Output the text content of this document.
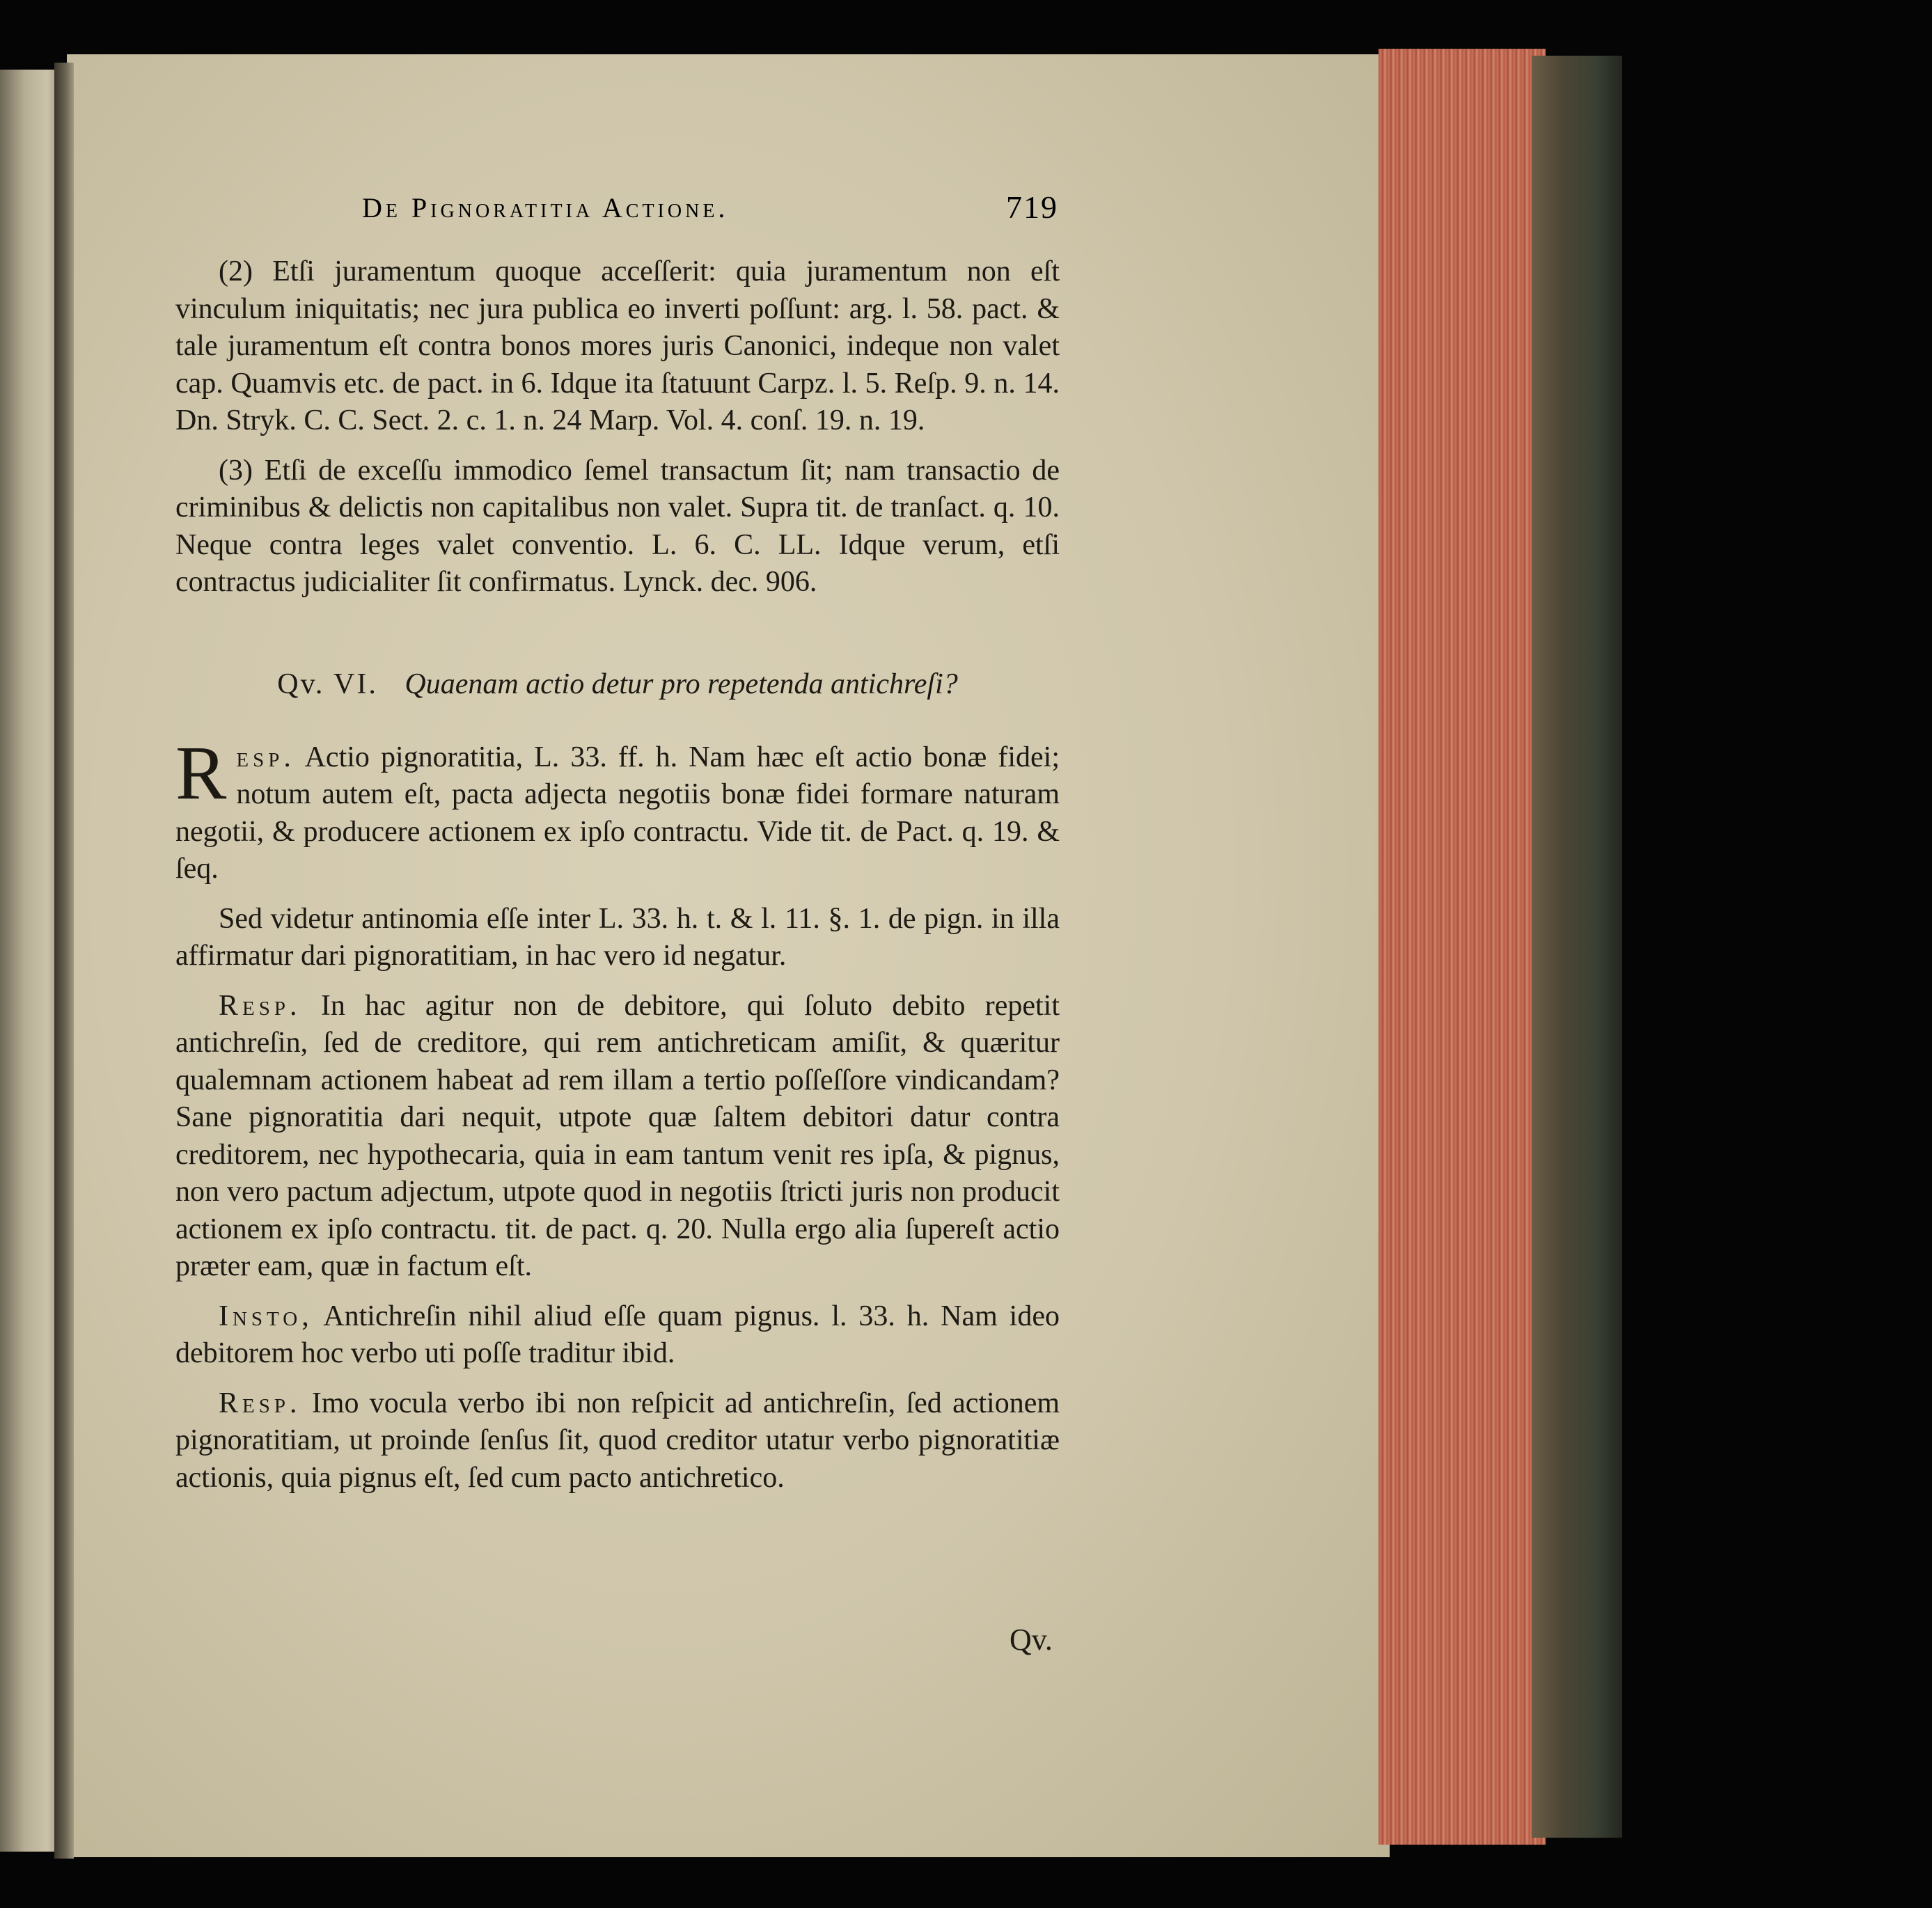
De Pignoratitia Actione.	719

(2) Etſi juramentum quoque acceſſerit: quia juramentum non eſt vinculum iniquitatis; nec jura publica eo inverti poſſunt: arg. l. 58. pact. & tale juramentum eſt contra bonos mores juris Canonici, indeque non valet cap. Quamvis etc. de pact. in 6. Idque ita ſtatuunt Carpz. l. 5. Reſp. 9. n. 14. Dn. Stryk. C. C. Sect. 2. c. 1. n. 24 Marp. Vol. 4. conſ. 19. n. 19.

(3) Etſi de exceſſu immodico ſemel transactum ſit; nam transactio de criminibus & delictis non capitalibus non valet. Supra tit. de tranſact. q. 10. Neque contra leges valet conventio. L. 6. C. LL. Idque verum, etſi contractus judicialiter ſit confirmatus. Lynck. dec. 906.

Qv. VI. Quaenam actio detur pro repetenda antichreſi?

R esp. Actio pignoratitia, L. 33. ff. h. Nam hæc eſt actio bonæ fidei; notum autem eſt, pacta adjecta negotiis bonæ fidei formare naturam negotii, & producere actionem ex ipſo contractu. Vide tit. de Pact. q. 19. & ſeq.

Sed videtur antinomia eſſe inter L. 33. h. t. & l. 11. §. 1. de pign. in illa affirmatur dari pignoratitiam, in hac vero id negatur.

Resp. In hac agitur non de debitore, qui ſoluto debito repetit antichreſin, ſed de creditore, qui rem antichreticam amiſit, & quæritur qualemnam actionem habeat ad rem illam a tertio poſſeſſore vindicandam? Sane pignoratitia dari nequit, utpote quæ ſaltem debitori datur contra creditorem, nec hypothecaria, quia in eam tantum venit res ipſa, & pignus, non vero pactum adjectum, utpote quod in negotiis ſtricti juris non producit actionem ex ipſo contractu. tit. de pact. q. 20. Nulla ergo alia ſupereſt actio præter eam, quæ in factum eſt.

Insto, Antichreſin nihil aliud eſſe quam pignus. l. 33. h. Nam ideo debitorem hoc verbo uti poſſe traditur ibid.

Resp. Imo vocula verbo ibi non reſpicit ad antichreſin, ſed actionem pignoratitiam, ut proinde ſenſus ſit, quod creditor utatur verbo pignoratitiæ actionis, quia pignus eſt, ſed cum pacto antichretico.

Qv.
